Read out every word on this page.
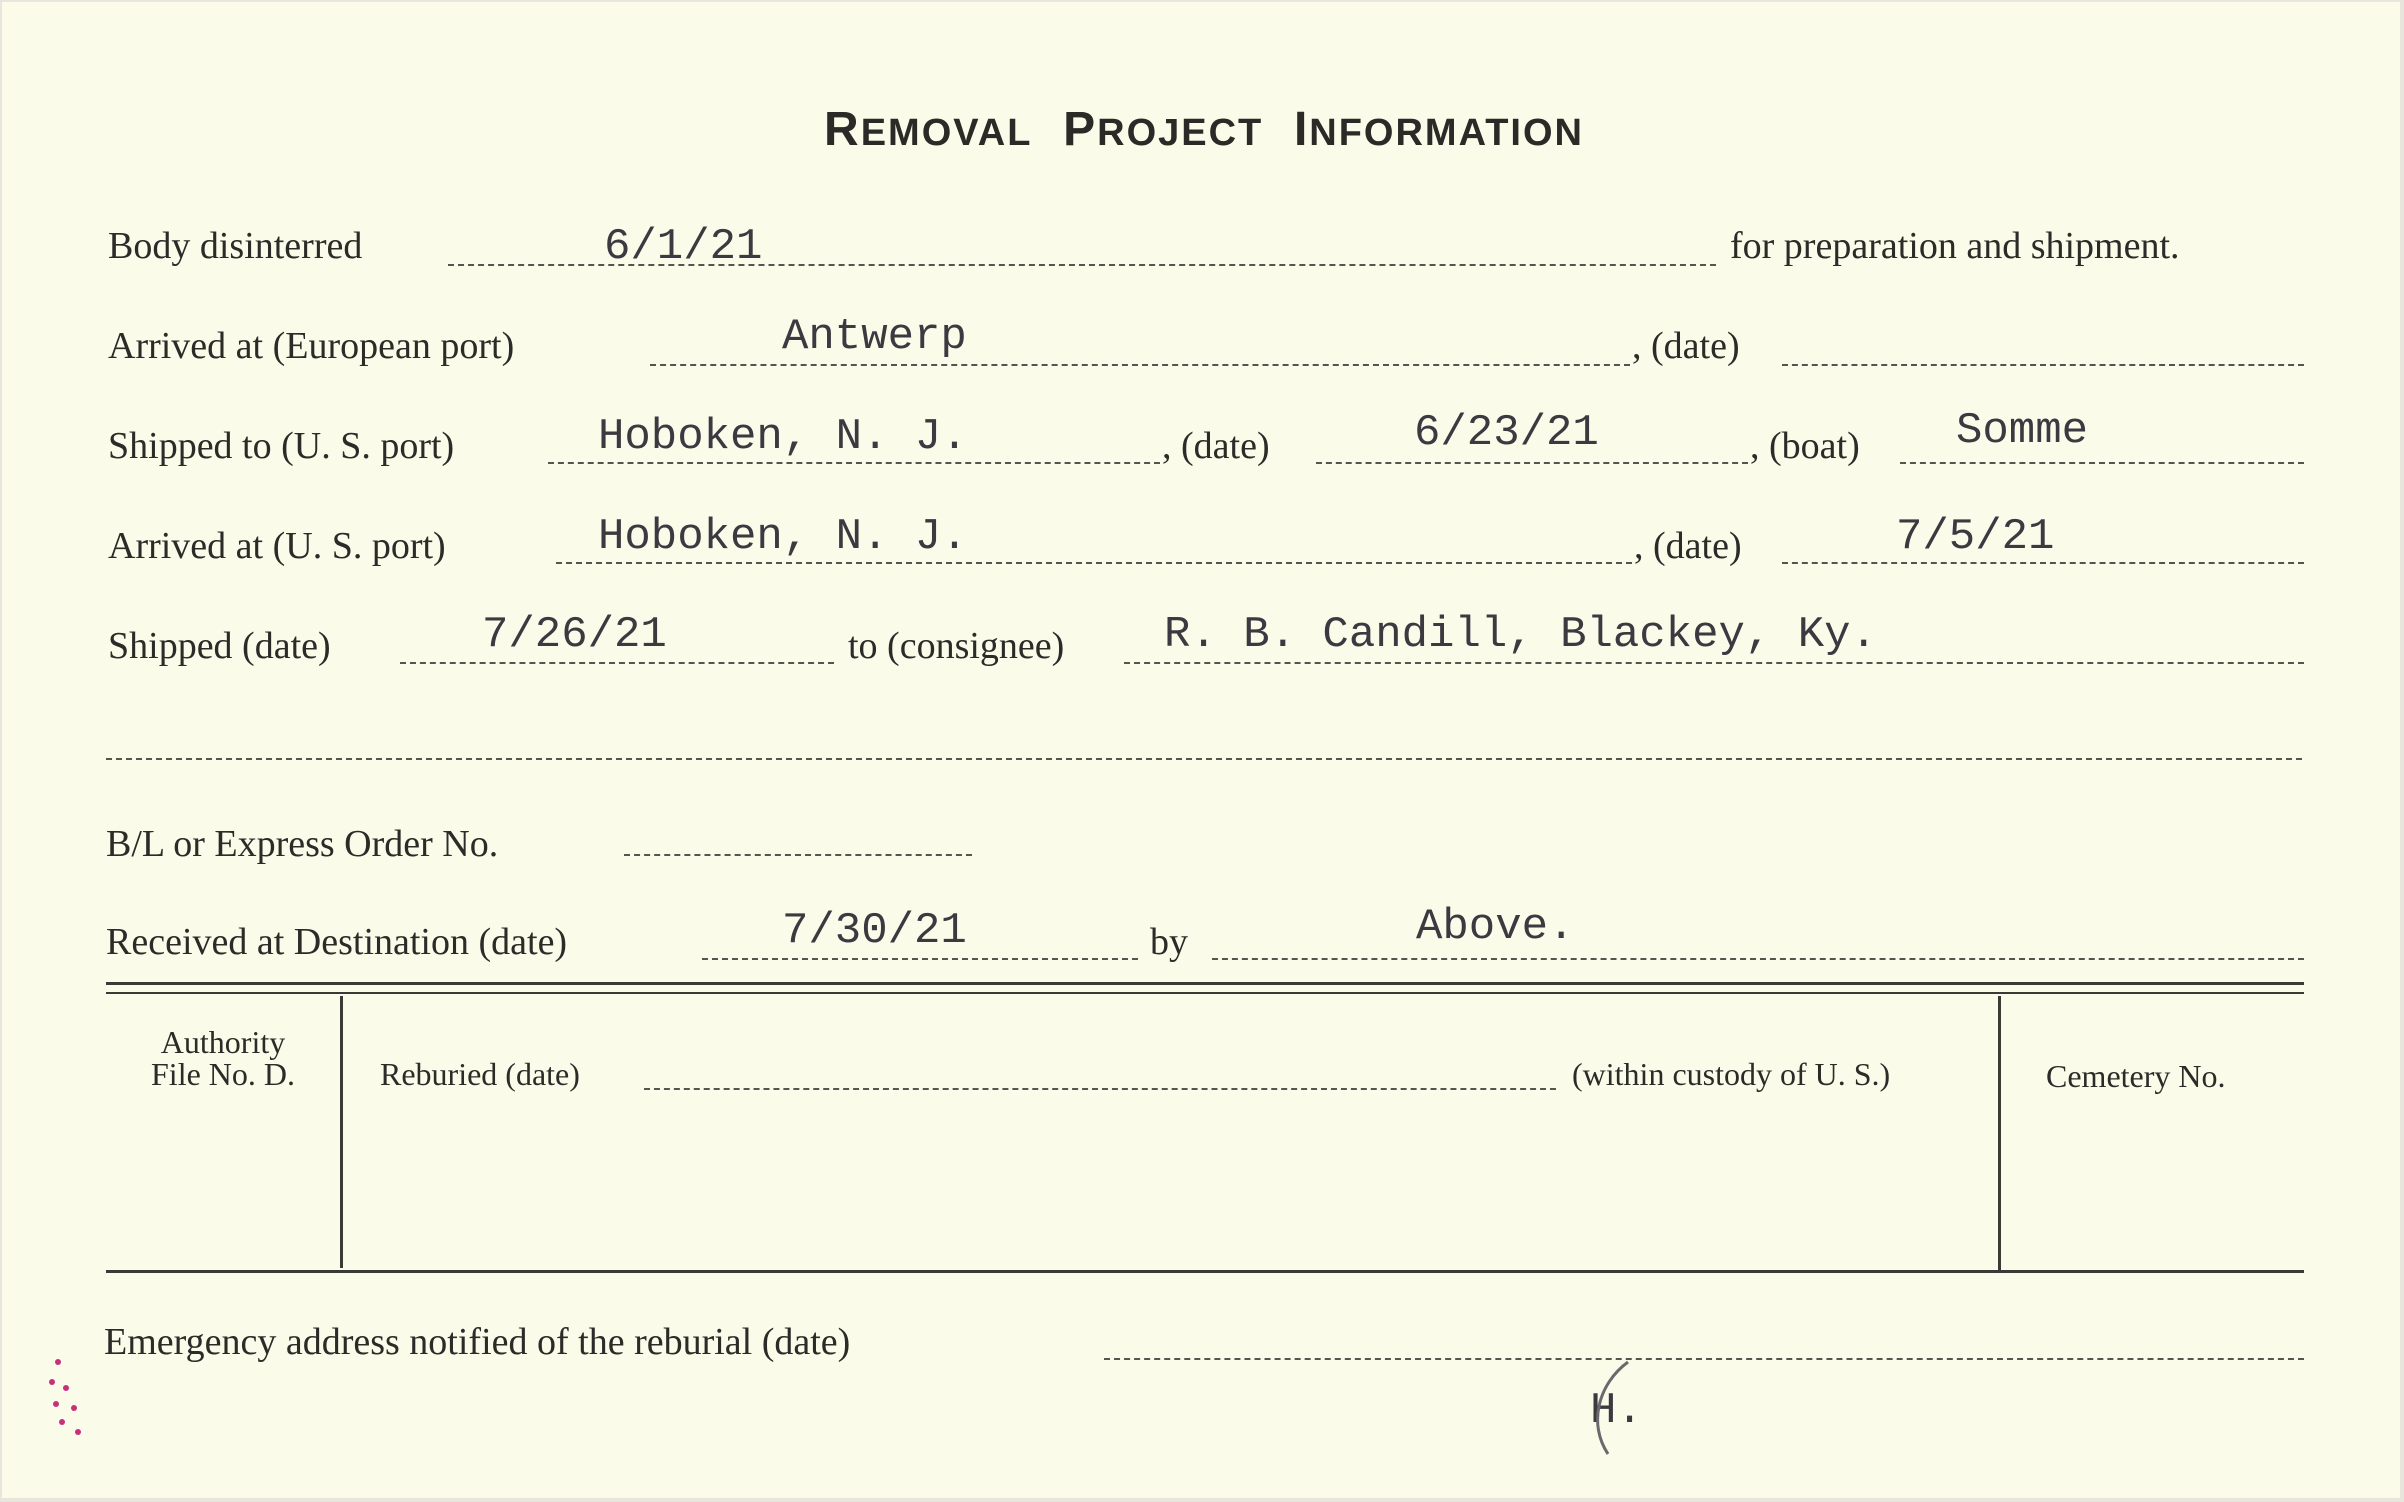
REMOVAL PROJECT INFORMATION
Body disinterred	6/1/21	for preparation and shipment.
Arrived at (European port)	Antwerp	, (date)
Shipped to (U. S. port)	Hoboken, N. J.	, (date)	6/23/21	, (boat) Somme
Arrived at (U. S. port)	Hoboken, N. J.	, (date)	7/5/21
Shipped (date)	7/26/21	to (consignee) R. B. Candill, Blackey, Ky.
B/L or Express Order No.
Received at Destination (date)	7/30/21	by	Above.
Authority
File No. D.	Reburied (date)	(within custody of U. S.)	Cemetery No.
Emergency address notified of the reburial (date)
H.
